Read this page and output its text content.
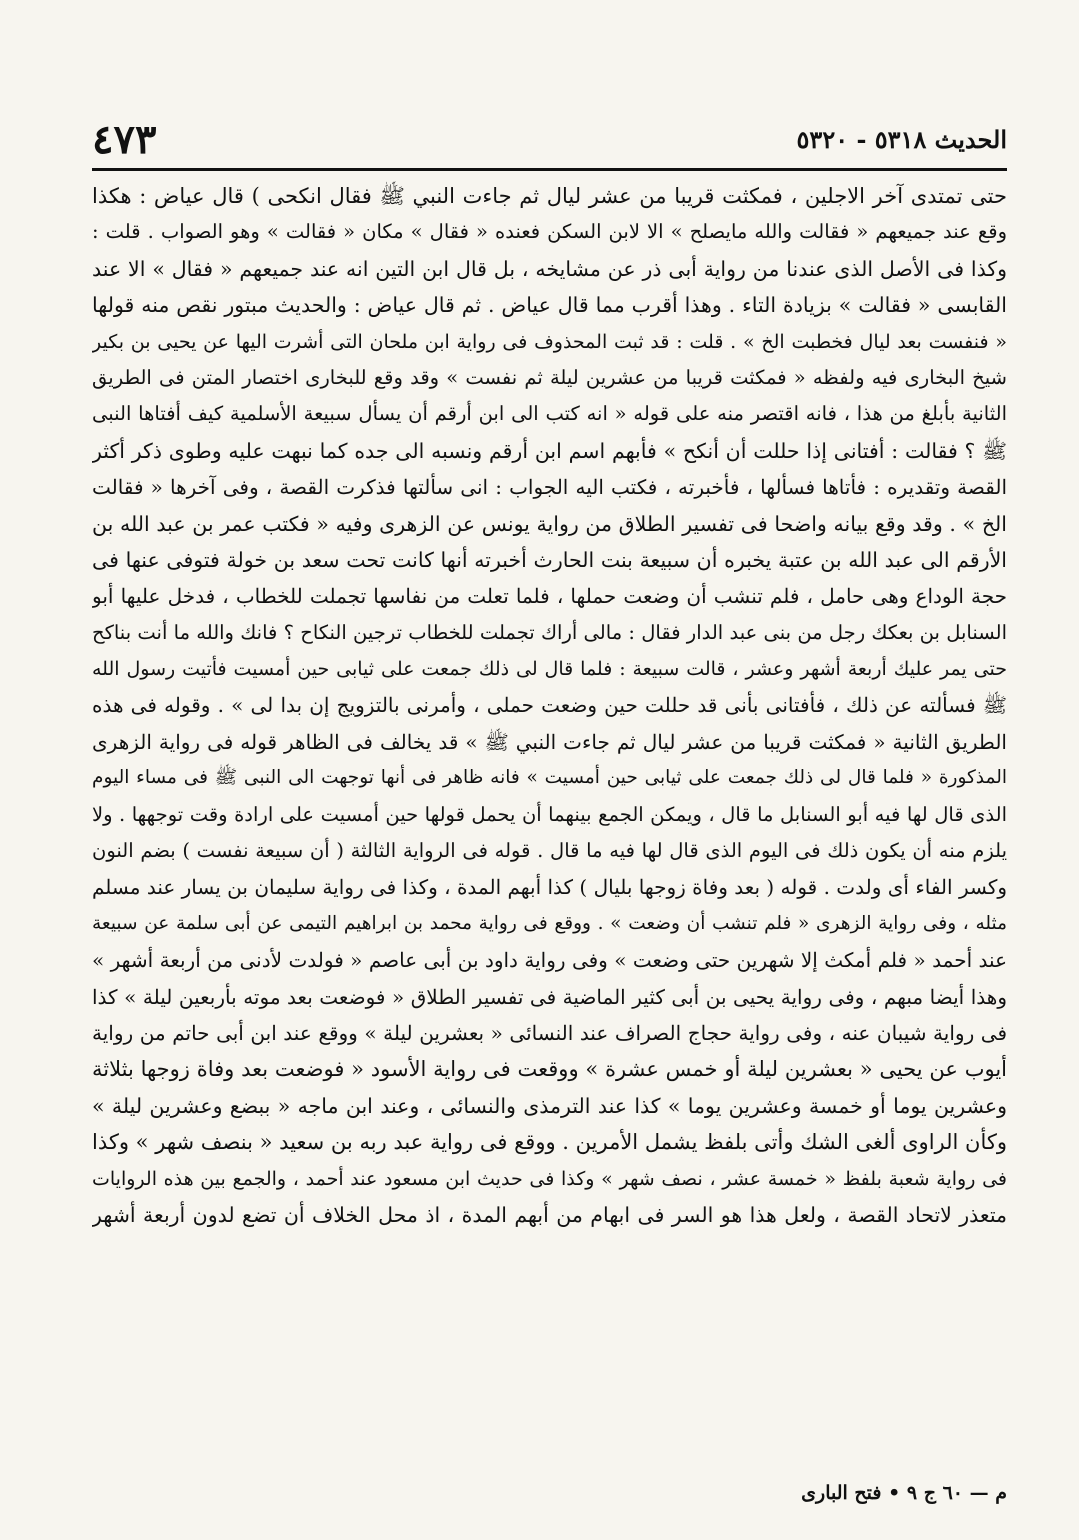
الحديث ٥٣١٨ - ٥٣٢٠
٤٧٣
حتى تمتدى آخر الاجلين ، فمكثت قريبا من عشر ليال ثم جاءت النبي ﷺ فقال انكحى ) قال عياض : هكذا
وقع عند جميعهم « فقالت والله مايصلح » الا لابن السكن فعنده « فقال » مكان « فقالت » وهو الصواب . قلت :
وكذا فى الأصل الذى عندنا من رواية أبى ذر عن مشايخه ، بل قال ابن التين انه عند جميعهم « فقال » الا عند
القابسى « فقالت » بزيادة التاء . وهذا أقرب مما قال عياض . ثم قال عياض : والحديث مبتور نقص منه قولها
« فنفست بعد ليال فخطبت الخ » . قلت : قد ثبت المحذوف فى رواية ابن ملحان التى أشرت اليها عن يحيى بن بكير
شيخ البخارى فيه ولفظه « فمكثت قريبا من عشرين ليلة ثم نفست » وقد وقع للبخارى اختصار المتن فى الطريق
الثانية بأبلغ من هذا ، فانه اقتصر منه على قوله « انه كتب الى ابن أرقم أن يسأل سبيعة الأسلمية كيف أفتاها النبى
ﷺ ؟ فقالت : أفتانى إذا حللت أن أنكح » فأبهم اسم ابن أرقم ونسبه الى جده كما نبهت عليه وطوى ذكر أكثر
القصة وتقديره : فأتاها فسألها ، فأخبرته ، فكتب اليه الجواب : انى سألتها فذكرت القصة ، وفى آخرها « فقالت
الخ » . وقد وقع بيانه واضحا فى تفسير الطلاق من رواية يونس عن الزهرى وفيه « فكتب عمر بن عبد الله بن
الأرقم الى عبد الله بن عتبة يخبره أن سبيعة بنت الحارث أخبرته أنها كانت تحت سعد بن خولة فتوفى عنها فى
حجة الوداع وهى حامل ، فلم تنشب أن وضعت حملها ، فلما تعلت من نفاسها تجملت للخطاب ، فدخل عليها أبو
السنابل بن بعكك رجل من بنى عبد الدار فقال : مالى أراك تجملت للخطاب ترجين النكاح ؟ فانك والله ما أنت بناكح
حتى يمر عليك أربعة أشهر وعشر ، قالت سبيعة : فلما قال لى ذلك جمعت على ثيابى حين أمسيت فأتيت رسول الله
ﷺ فسألته عن ذلك ، فأفتانى بأنى قد حللت حين وضعت حملى ، وأمرنى بالتزويج إن بدا لى » . وقوله فى هذه
الطريق الثانية « فمكثت قريبا من عشر ليال ثم جاءت النبي ﷺ » قد يخالف فى الظاهر قوله فى رواية الزهرى
المذكورة « فلما قال لى ذلك جمعت على ثيابى حين أمسيت » فانه ظاهر فى أنها توجهت الى النبى ﷺ فى مساء اليوم
الذى قال لها فيه أبو السنابل ما قال ، ويمكن الجمع بينهما أن يحمل قولها حين أمسيت على ارادة وقت توجهها . ولا
يلزم منه أن يكون ذلك فى اليوم الذى قال لها فيه ما قال . قوله فى الرواية الثالثة ( أن سبيعة نفست ) بضم النون
وكسر الفاء أى ولدت . قوله ( بعد وفاة زوجها بليال ) كذا أبهم المدة ، وكذا فى رواية سليمان بن يسار عند مسلم
مثله ، وفى رواية الزهرى « فلم تنشب أن وضعت » . ووقع فى رواية محمد بن ابراهيم التيمى عن أبى سلمة عن سبيعة
عند أحمد « فلم أمكث إلا شهرين حتى وضعت » وفى رواية داود بن أبى عاصم « فولدت لأدنى من أربعة أشهر »
وهذا أيضا مبهم ، وفى رواية يحيى بن أبى كثير الماضية فى تفسير الطلاق « فوضعت بعد موته بأربعين ليلة » كذا
فى رواية شيبان عنه ، وفى رواية حجاج الصراف عند النسائى « بعشرين ليلة » ووقع عند ابن أبى حاتم من رواية
أيوب عن يحيى « بعشرين ليلة أو خمس عشرة » ووقعت فى رواية الأسود « فوضعت بعد وفاة زوجها بثلاثة
وعشرين يوما أو خمسة وعشرين يوما » كذا عند الترمذى والنسائى ، وعند ابن ماجه « ببضع وعشرين ليلة »
وكأن الراوى ألغى الشك وأتى بلفظ يشمل الأمرين . ووقع فى رواية عبد ربه بن سعيد « بنصف شهر » وكذا
فى رواية شعبة بلفظ « خمسة عشر ، نصف شهر » وكذا فى حديث ابن مسعود عند أحمد ، والجمع بين هذه الروايات
متعذر لاتحاد القصة ، ولعل هذا هو السر فى ابهام من أبهم المدة ، اذ محل الخلاف أن تضع لدون أربعة أشهر
م — ٦٠ ج ٩ • فتح البارى
